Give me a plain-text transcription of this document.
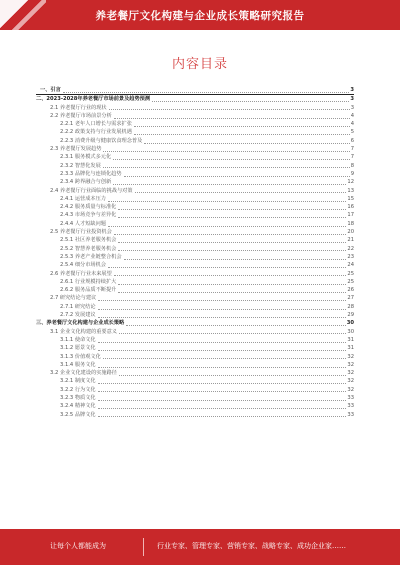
养老餐厅文化构建与企业成长策略研究报告
内容目录
一、引言	3
二、2023-2028年养老餐厅市场前景及趋势预测	3
2.1 养老餐厅行业的现状	3
2.2 养老餐厅市场前景分析	4
2.2.1 老年人口增长与需求扩张	4
2.2.2 政策支持与行业发展机遇	5
2.2.3 消费升级与健康饮食理念普及	6
2.3 养老餐厅发展趋势	7
2.3.1 服务模式多元化	7
2.3.2 智慧化发展	8
2.3.3 品牌化与连锁化趋势	9
2.3.4 跨界融合与创新	12
2.4 养老餐厅行业面临的挑战与对策	13
2.4.1 运营成本压力	15
2.4.2 服务质量与标准化	16
2.4.3 市场竞争与差异化	17
2.4.4 人才短缺问题	18
2.5 养老餐厅行业投资机会	20
2.5.1 社区养老服务机会	21
2.5.2 智慧养老服务机会	22
2.5.3 养老产业链整合机会	23
2.5.4 细分市场机会	24
2.6 养老餐厅行业未来展望	25
2.6.1 行业规模持续扩大	25
2.6.2 服务品质不断提升	26
2.7 研究结论与建议	27
2.7.1 研究结论	28
2.7.2 发展建议	29
三、养老餐厅文化构建与企业成长策略	30
3.1 企业文化构建的重要意义	30
3.1.1 使命文化	31
3.1.2 愿景文化	31
3.1.3 价值观文化	32
3.1.4 服务文化	32
3.2 企业文化建设的实施路径	32
3.2.1 制度文化	32
3.2.2 行为文化	32
3.2.3 物质文化	33
3.2.4 精神文化	33
3.2.5 品牌文化	33
让每个人都能成为	行业专家、管理专家、营销专家、战略专家、成功企业家……
